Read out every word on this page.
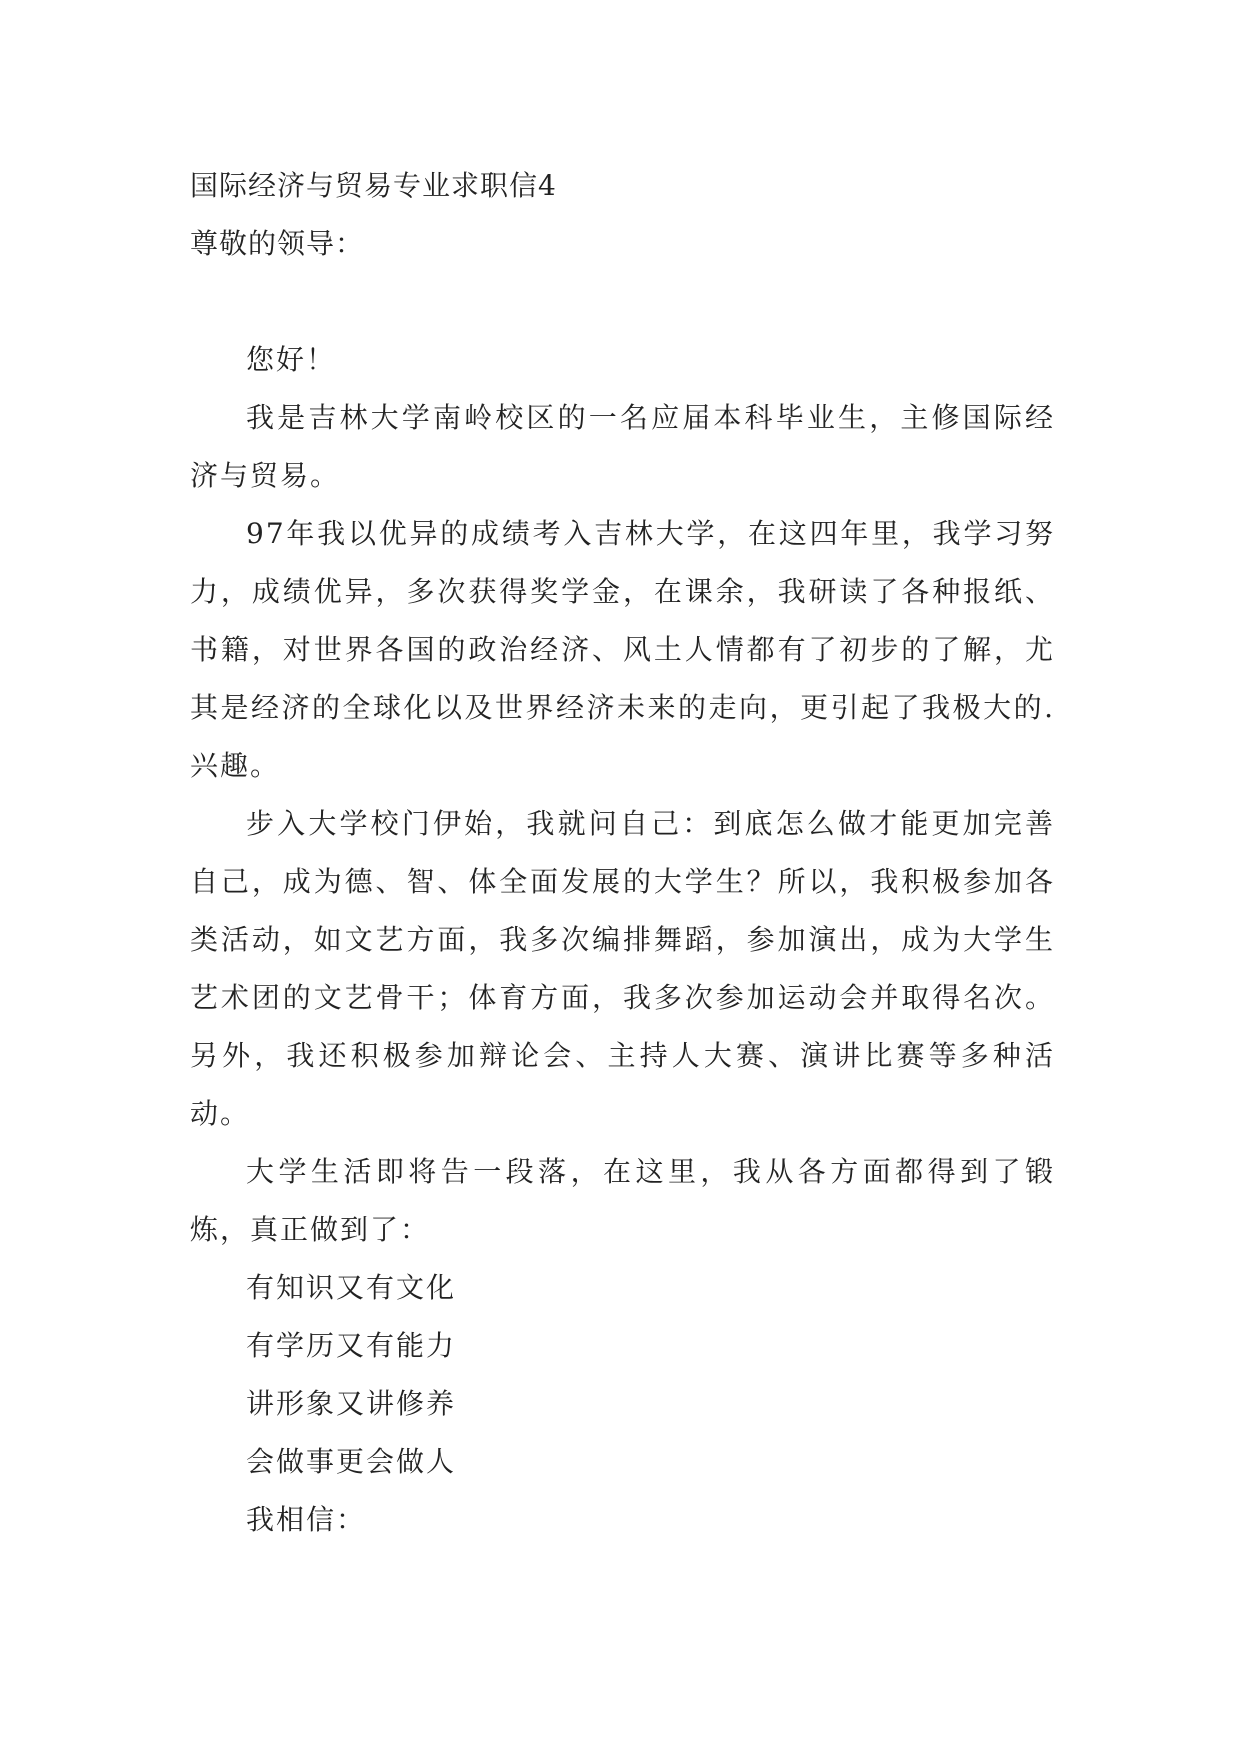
国际经济与贸易专业求职信4

尊敬的领导：

您好！

我是吉林大学南岭校区的一名应届本科毕业生，主修国际经济与贸易。

97年我以优异的成绩考入吉林大学，在这四年里，我学习努力，成绩优异，多次获得奖学金，在课余，我研读了各种报纸、书籍，对世界各国的政治经济、风土人情都有了初步的了解，尤其是经济的全球化以及世界经济未来的走向，更引起了我极大的.兴趣。

步入大学校门伊始，我就问自己：到底怎么做才能更加完善自己，成为德、智、体全面发展的大学生？所以，我积极参加各类活动，如文艺方面，我多次编排舞蹈，参加演出，成为大学生艺术团的文艺骨干；体育方面，我多次参加运动会并取得名次。另外，我还积极参加辩论会、主持人大赛、演讲比赛等多种活动。

大学生活即将告一段落，在这里，我从各方面都得到了锻炼，真正做到了：

有知识又有文化

有学历又有能力

讲形象又讲修养

会做事更会做人

我相信：
